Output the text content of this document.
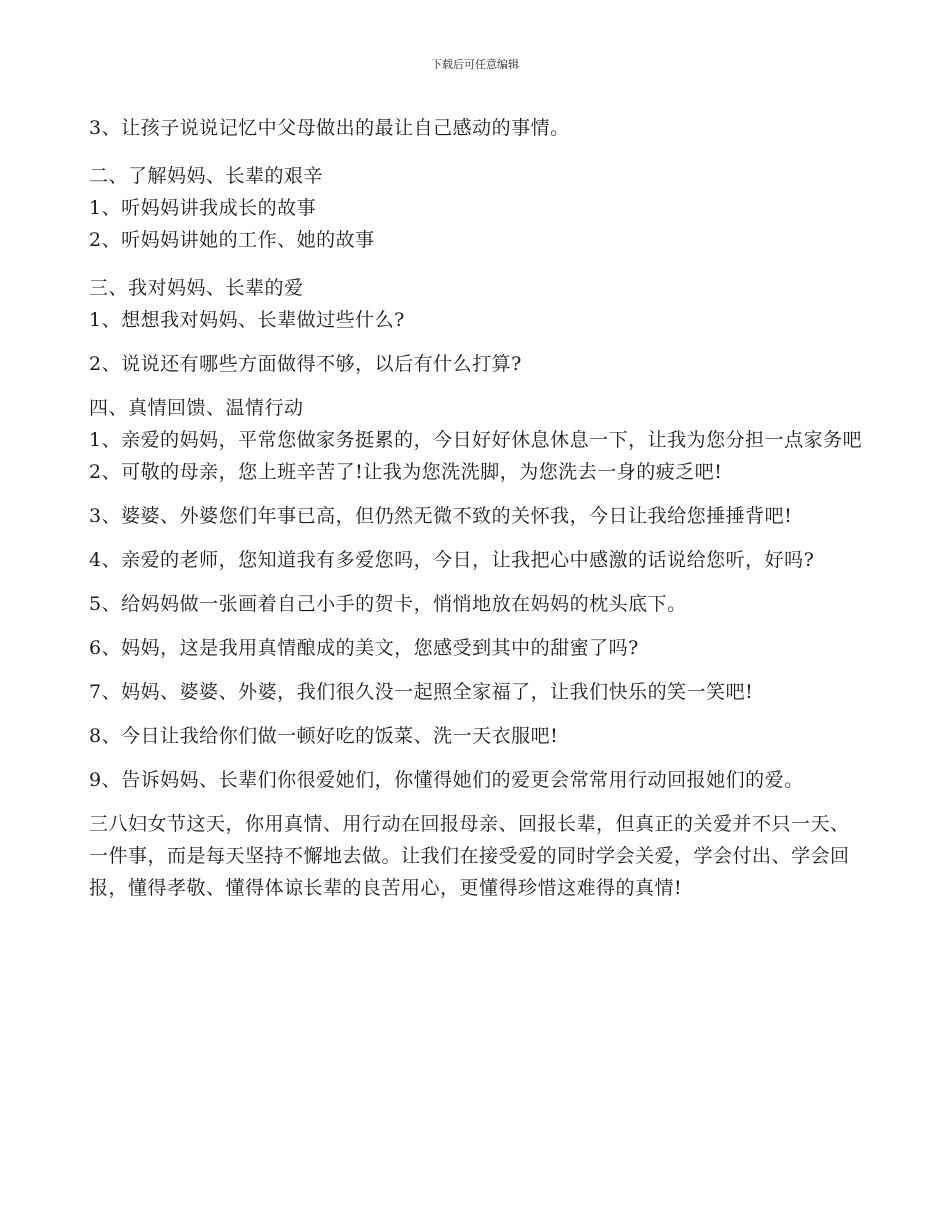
下载后可任意编辑

3、让孩子说说记忆中父母做出的最让自己感动的事情。

二、了解妈妈、长辈的艰辛

1、听妈妈讲我成长的故事

2、听妈妈讲她的工作、她的故事

三、我对妈妈、长辈的爱

1、想想我对妈妈、长辈做过些什么?

2、说说还有哪些方面做得不够，以后有什么打算?

四、真情回馈、温情行动

1、亲爱的妈妈，平常您做家务挺累的，今日好好休息休息一下，让我为您分担一点家务吧2、可敬的母亲，您上班辛苦了!让我为您洗洗脚，为您洗去一身的疲乏吧!

3、婆婆、外婆您们年事已高，但仍然无微不致的关怀我，今日让我给您捶捶背吧!

4、亲爱的老师，您知道我有多爱您吗，今日，让我把心中感激的话说给您听，好吗?

5、给妈妈做一张画着自己小手的贺卡，悄悄地放在妈妈的枕头底下。

6、妈妈，这是我用真情酿成的美文，您感受到其中的甜蜜了吗?

7、妈妈、婆婆、外婆，我们很久没一起照全家福了，让我们快乐的笑一笑吧!

8、今日让我给你们做一顿好吃的饭菜、洗一天衣服吧!

9、告诉妈妈、长辈们你很爱她们，你懂得她们的爱更会常常用行动回报她们的爱。

三八妇女节这天，你用真情、用行动在回报母亲、回报长辈，但真正的关爱并不只一天、一件事，而是每天坚持不懈地去做。让我们在接受爱的同时学会关爱，学会付出、学会回报，懂得孝敬、懂得体谅长辈的良苦用心，更懂得珍惜这难得的真情!
